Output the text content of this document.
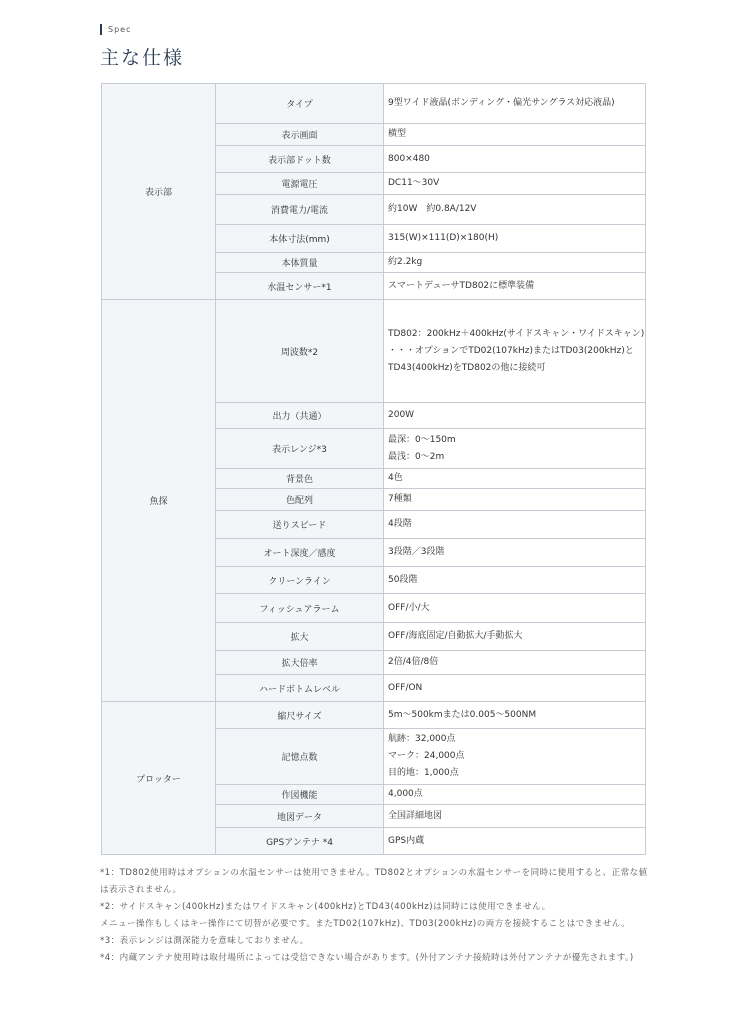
Spec
主な仕様
表示部	タイプ	9型ワイド液晶(ボンディング・偏光サングラス対応液晶)

	表示画面	横型

	表示部ドット数	800×480

	電源電圧	DC11〜30V

	消費電力/電流	約10W　約0.8A/12V

	本体寸法(mm)	315(W)×111(D)×180(H)

	本体質量	約2.2kg

	水温センサー*1	スマートデューサTD802に標準装備

魚探	周波数*2	TD802：200kHz＋400kHz(サイドスキャン・ワイドスキャン)
・・・オプションでTD02(107kHz)またはTD03(200kHz)と
TD43(400kHz)をTD802の他に接続可

	出力（共通）	200W

	表示レンジ*3	最深：0〜150m
最浅：0〜2m

	背景色	4色

	色配列	7種類

	送りスピード	4段階

	オート深度／感度	3段階／3段階

	クリーンライン	50段階

	フィッシュアラーム	OFF/小/大

	拡大	OFF/海底固定/自動拡大/手動拡大

	拡大倍率	2倍/4倍/8倍

	ハードボトムレベル	OFF/ON

プロッター	縮尺サイズ	5m〜500kmまたは0.005〜500NM

	記憶点数	航跡：32,000点
マーク：24,000点
目的地：1,000点

	作図機能	4,000点

	地図データ	全国詳細地図

	GPSアンテナ *4	GPS内蔵

*1：TD802使用時はオプションの水温センサーは使用できません。TD802とオプションの水温センサーを同時に使用すると、正常な値は表示されません。

*2：サイドスキャン(400kHz)またはワイドスキャン(400kHz)とTD43(400kHz)は同時には使用できません。

メニュー操作もしくはキー操作にて切替が必要です。またTD02(107kHz)、TD03(200kHz)の両方を接続することはできません。

*3：表示レンジは測深能力を意味しておりません。

*4：内蔵アンテナ使用時は取付場所によっては受信できない場合があります。(外付アンテナ接続時は外付アンテナが優先されます。)
